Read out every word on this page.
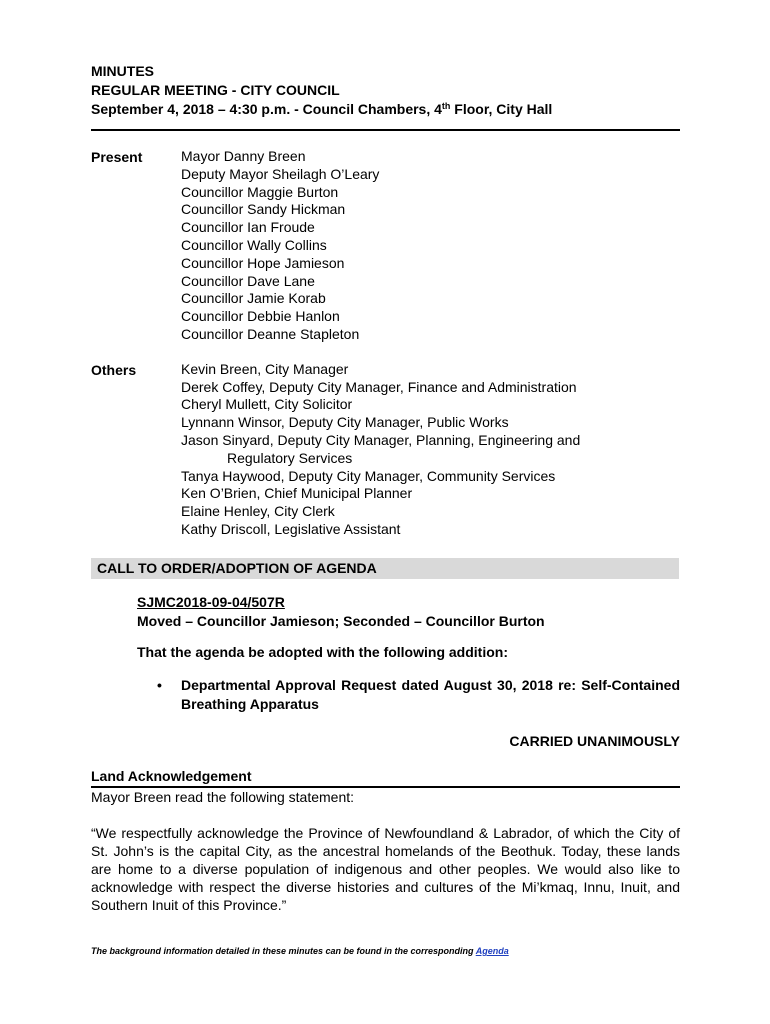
MINUTES
REGULAR MEETING - CITY COUNCIL
September 4, 2018 – 4:30 p.m. - Council Chambers, 4th Floor, City Hall
Present	Mayor Danny Breen
Deputy Mayor Sheilagh O’Leary
Councillor Maggie Burton
Councillor Sandy Hickman
Councillor Ian Froude
Councillor Wally Collins
Councillor Hope Jamieson
Councillor Dave Lane
Councillor Jamie Korab
Councillor Debbie Hanlon
Councillor Deanne Stapleton
Others	Kevin Breen, City Manager
Derek Coffey, Deputy City Manager, Finance and Administration
Cheryl Mullett, City Solicitor
Lynnann Winsor, Deputy City Manager, Public Works
Jason Sinyard, Deputy City Manager, Planning, Engineering and
Regulatory Services
Tanya Haywood, Deputy City Manager, Community Services
Ken O’Brien, Chief Municipal Planner
Elaine Henley, City Clerk
Kathy Driscoll, Legislative Assistant
CALL TO ORDER/ADOPTION OF AGENDA
SJMC2018-09-04/507R
Moved – Councillor Jamieson; Seconded – Councillor Burton
That the agenda be adopted with the following addition:
•	Departmental Approval Request dated August 30, 2018 re: Self-Contained Breathing Apparatus
CARRIED UNANIMOUSLY
Land Acknowledgement
Mayor Breen read the following statement:
“We respectfully acknowledge the Province of Newfoundland & Labrador, of which the City of St. John’s is the capital City, as the ancestral homelands of the Beothuk. Today, these lands are home to a diverse population of indigenous and other peoples. We would also like to acknowledge with respect the diverse histories and cultures of the Mi’kmaq, Innu, Inuit, and Southern Inuit of this Province.”
The background information detailed in these minutes can be found in the corresponding Agenda
